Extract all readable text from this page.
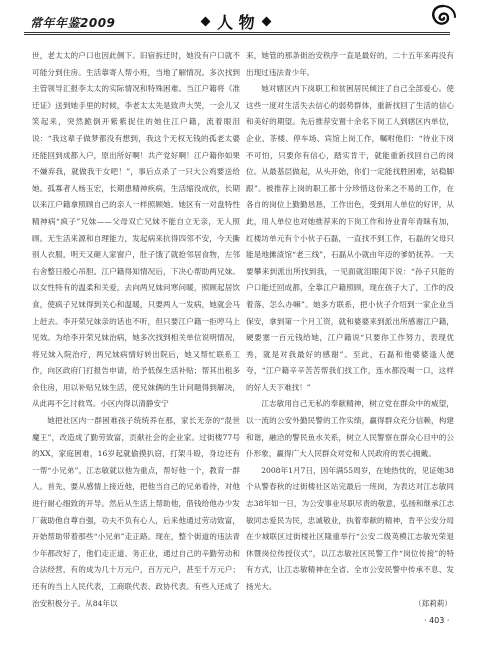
常年年鉴2009	人 物

世，老太太的户口也因此侧下。旧宿拆迁时，她没有户口就不可能分到住房。生活靠寄人帮小班，当地了解情况。多次找到主管领导汇报李太太的实际情况和特殊困难。当江户籍将《准迁证》送到她手里的时候，李老太太先是致声大哭，一会儿又笑起来，突然跪倒开紫紫捉住的她住江户籍，流着眼泪说：“我这辈子做梦都没有想到，我这个无权无钱的孤老太婆还能回到成都入户，原出所好啊！共产党好啊！江户籍你如果不嫌弃我，就做我干女吧！”，事后点杀了一只大公鸡要送给她。孤寡者人杨玉宏，长期患精神疾病，生活缩没成依，长期以来江户籍拿照顾自己的亲人一样照顾她。她区有一对盘特性精神病“疯子”兄妹——父母双亡兄妹不能自立无亲，无人照顾。无生活来源和自理能力，发起病来抗得四邻不安，今天撕别人衣服，明天又砸人家窗户，肚子饿了就抢邻居食物，左邻右舍整日殷心吊胆。江户籍得知情况后，下决心帮助两兄妹。以女性特有的温柔和关爱，去向两兄妹问寒问暖，照顾起居饮食，使疯子兄妹得到关心和温暖，只要两人一发病，她就会马上赶去。李开荣兄妹亲的话也不听，但只要江户籍一拒哼马上见效。为给李开荣兄妹治病，她多次找到相关单位说明情况，将兄妹入院治疗，两兄妹病情好转出院后，她又帮忙联系工作，向区政府门打报告申请，给予低保生活补贴；帮其出租多余住房，用以补贴兄妹生活，使兄妹俩的生计问题得到解决，从此再不乞讨救骂。小区内得以清静安宁

她把社区内一群困难孩子统统养在那，家长无奈的“混世魔王”，改造成了勤劳致富，贡献社会的企业家。过街楼77号的XX，家庭困难，16岁起就偷摸扒窃，打架斗殴，身边还有一帮“小兄弟”。江志敏就以他为重点，帮好他一个，教育一群人。首先，要从感情上接近他，把他当自己的兄弟看待，对他进行耐心细致的开导。然后从生活上帮助他，借钱给他办少发厂裁助他自尊自强，功夫不负有心人，后来他通过劳动致富，开始帮助带着那些“小兄弟”走正路。现在，整个街道的违法青少年都改好了，他们走正道、务正业，通过自己的辛勤劳动和合法经营，有的成为几十万元户，百万元户，甚至千万元户；还有的当上人民代表，工商联代表、政协代表。有些人还成了治安积极分子。从84年以

来，她管的那条街治安秩序一直是最好的，二十五年来再没有出现过违法青少年。

她对辖区内下岗职工和贫困居民倾注了自己全部爱心。使这些一度对生活失去信心的弱势群体，重新找回了生活的信心和美好的期望。先后推荐安置十余名下岗工人到辖区内单位，企业、茶楼、停车场、宾馆上岗工作，嘱咐他们：“待业下岗不可怕，只要你有信心，踏实肯干，就能重新找回自己的岗位。从最基层做起，从头开始，你们一定能找胜困难，站稳脚跟”。被推荐上岗的职工都十分珍惜这份来之不易的工作，在各自的岗位上勤勤恳恳，工作出色，受到用人单位的好评，从此，用人单位也对她推荐来的下岗工作和待业青年青睐有加，红楼坊单元有个小伙子石磊，一直找不到工作，石磊的父母只能是地摊渣馆“老三线”，石磊从小就由年迈的爹奶抚养。一天要攀来到派出所找到我，一见面就泪眼闺下说：“孙子只能的户口能迁回成都，全靠江户籍照顾，现在孩子大了，工作的没着落，怎么办嘛”。她多方联系，把小伙子介绍到一家企业当保安，拿到第一个月工资，就和婆婆来到派出所感谢江户籍，硬要塞一百元钱给她，江户籍说“只要你工作努力，表现优秀，就是对我最好的感谢”。至此，石磊和他婆婆逢人便夸，“江户籍辛辛苦苦帮我们找工作，连水都没喝一口，这样的好人天下难找！”

江志敏用自己无私的奉献精神，树立党在群众中的威望，以一流的公安外勤民警的工作实绩，赢得群众充分信赖，构建和谐，融洽的警民鱼水关系，树立人民警察在群众心目中的公仆形象，赢得广大人民群众对党和人民政府的衷心拥戴。

2008年1月7日，因年满55周岁，在她热忱的，见证她38个从警春秋的过街楼社区站完最后一班岗，为表达对江志敏同志38年如一日，为公安事业尽职尽责的敬意，弘扬和继承江志敏同志爱民为民，忠诚敬业，执着奉献的精神，肯平公安分局在少城联区过街楼社区隆重举行“公安二级英模江志敏光荣退休暨岗位传授仪式”，以江志敏社区民警工作“岗位传接”的特有方式，让江志敏精神在全省、全市公安民警中传承不息、发扬光大。

（郑莉莉）

· 403 ·
